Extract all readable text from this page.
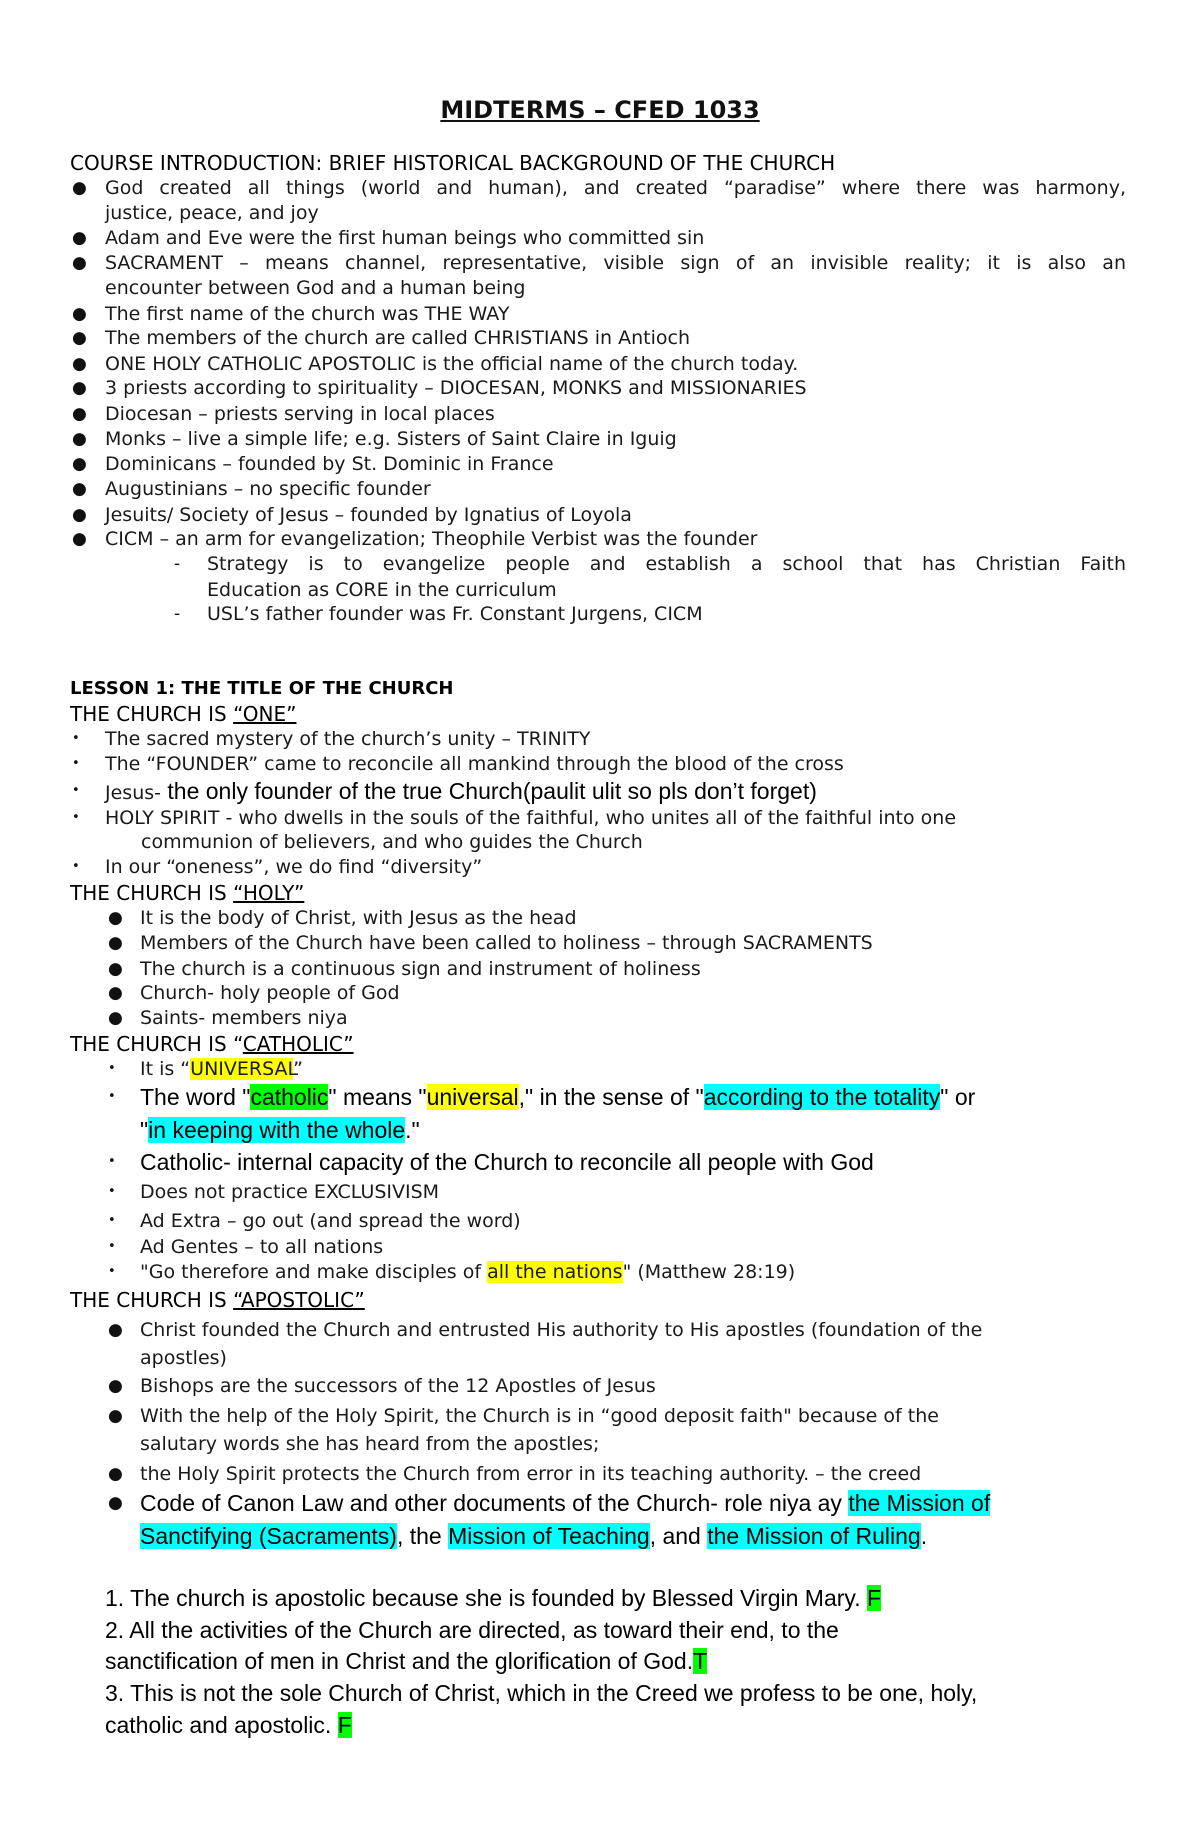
MIDTERMS – CFED 1033
COURSE INTRODUCTION: BRIEF HISTORICAL BACKGROUND OF THE CHURCH
● God created all things (world and human), and created “paradise” where there was harmony,
justice, peace, and joy
● Adam and Eve were the first human beings who committed sin
● SACRAMENT – means channel, representative, visible sign of an invisible reality; it is also an
encounter between God and a human being
● The first name of the church was THE WAY
● The members of the church are called CHRISTIANS in Antioch
● ONE HOLY CATHOLIC APOSTOLIC is the official name of the church today.
● 3 priests according to spirituality – DIOCESAN, MONKS and MISSIONARIES
● Diocesan – priests serving in local places
● Monks – live a simple life; e.g. Sisters of Saint Claire in Iguig
● Dominicans – founded by St. Dominic in France
● Augustinians – no specific founder
● Jesuits/ Society of Jesus – founded by Ignatius of Loyola
● CICM – an arm for evangelization; Theophile Verbist was the founder
- Strategy is to evangelize people and establish a school that has Christian Faith
Education as CORE in the curriculum
- USL’s father founder was Fr. Constant Jurgens, CICM
LESSON 1: THE TITLE OF THE CHURCH
THE CHURCH IS “ONE”
• The sacred mystery of the church’s unity – TRINITY
• The “FOUNDER” came to reconcile all mankind through the blood of the cross
• Jesus- the only founder of the true Church(paulit ulit so pls don’t forget)
• HOLY SPIRIT - who dwells in the souls of the faithful, who unites all of the faithful into one
communion of believers, and who guides the Church
• In our “oneness”, we do find “diversity”
THE CHURCH IS “HOLY”
● It is the body of Christ, with Jesus as the head
● Members of the Church have been called to holiness – through SACRAMENTS
● The church is a continuous sign and instrument of holiness
● Church- holy people of God
● Saints- members niya
THE CHURCH IS “CATHOLIC”
• It is “UNIVERSAL”
• The word "catholic" means "universal," in the sense of "according to the totality" or
"in keeping with the whole."
• Catholic- internal capacity of the Church to reconcile all people with God
• Does not practice EXCLUSIVISM
• Ad Extra – go out (and spread the word)
• Ad Gentes – to all nations
• "Go therefore and make disciples of all the nations" (Matthew 28:19)
THE CHURCH IS “APOSTOLIC”
● Christ founded the Church and entrusted His authority to His apostles (foundation of the
apostles)
● Bishops are the successors of the 12 Apostles of Jesus
● With the help of the Holy Spirit, the Church is in “good deposit faith" because of the
salutary words she has heard from the apostles;
● the Holy Spirit protects the Church from error in its teaching authority. – the creed
● Code of Canon Law and other documents of the Church- role niya ay the Mission of
Sanctifying (Sacraments), the Mission of Teaching, and the Mission of Ruling.
1. The church is apostolic because she is founded by Blessed Virgin Mary. F
2. All the activities of the Church are directed, as toward their end, to the
sanctification of men in Christ and the glorification of God.T
3. This is not the sole Church of Christ, which in the Creed we profess to be one, holy,
catholic and apostolic. F
